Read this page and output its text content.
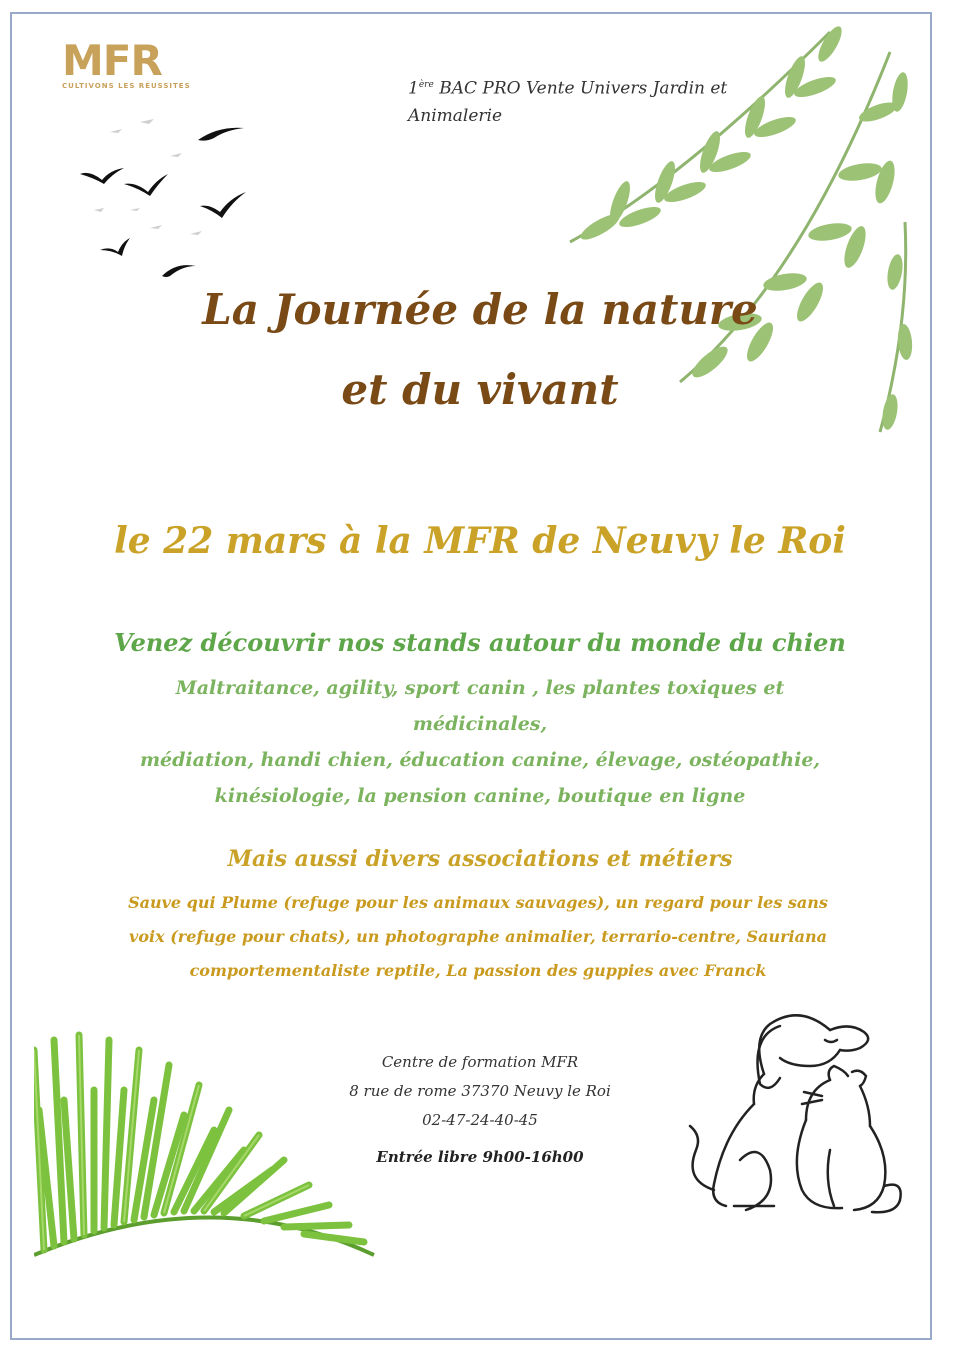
MFR
CULTIVONS LES RÉUSSITES	1ère BAC PRO Vente Univers Jardin et Animalerie
La Journée de la nature
et du vivant
le 22 mars à la MFR de Neuvy le Roi
Venez découvrir nos stands autour du monde du chien
Maltraitance, agility, sport canin , les plantes toxiques et médicinales,
médiation, handi chien, éducation canine, élevage, ostéopathie,
kinésiologie, la pension canine, boutique en ligne
Mais aussi divers associations et métiers
Sauve qui Plume (refuge pour les animaux sauvages), un regard pour les sans
voix (refuge pour chats), un photographe animalier, terrario-centre, Sauriana
comportementaliste reptile, La passion des guppies avec Franck
Centre de formation MFR
8 rue de rome 37370 Neuvy le Roi
02-47-24-40-45
Entrée libre 9h00-16h00
